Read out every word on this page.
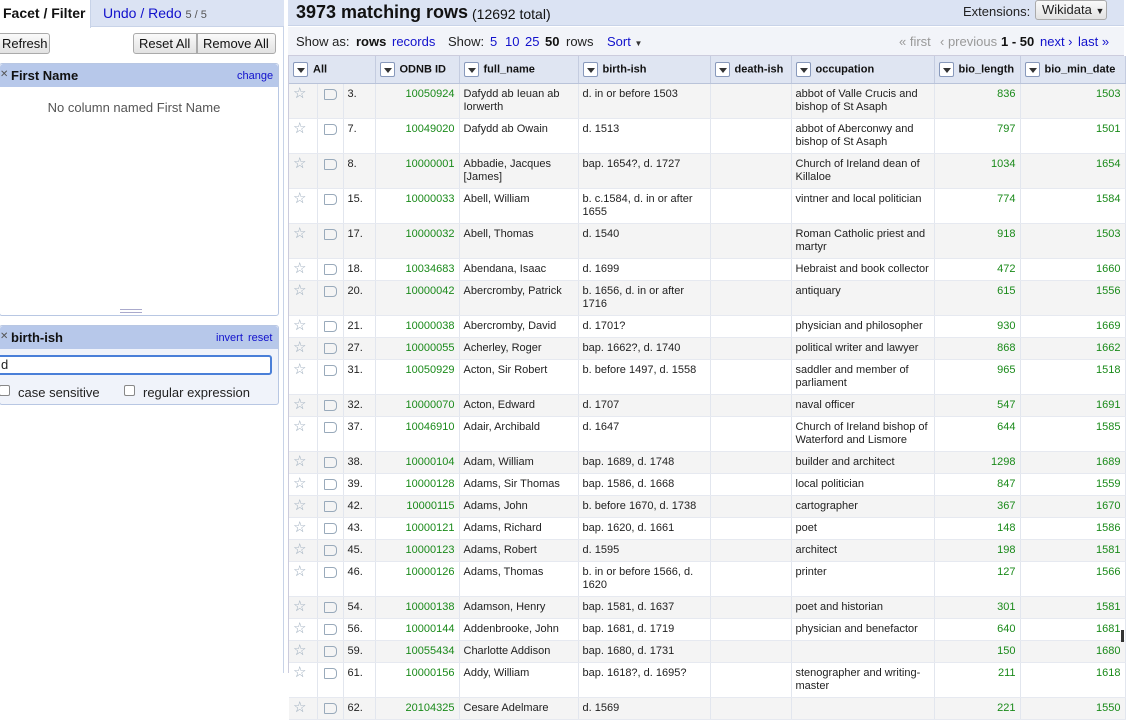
Facet / Filter	Undo / Redo 5 / 5
Refresh	Reset All Remove All
✕ First Name	change
No column named First Name
✕ birth-ish	invert reset
d
case sensitive	regular expression
3973 matching rows (12692 total)	Extensions: Wikidata ▼
Show as: rows records Show: 5 10 25 50 rows Sort ▼	« first ‹ previous 1 - 50 next › last »
All			ODNB ID	full_name	birth-ish	death-ish	occupation	bio_length	bio_min_date
☆		3.	10050924	Dafydd ab Ieuan ab Iorwerth	d. in or before 1503		abbot of Valle Crucis and bishop of St Asaph	836	1503
☆		7.	10049020	Dafydd ab Owain	d. 1513		abbot of Aberconwy and bishop of St Asaph	797	1501
☆		8.	10000001	Abbadie, Jacques [James]	bap. 1654?, d. 1727		Church of Ireland dean of Killaloe	1034	1654
☆		15.	10000033	Abell, William	b. c.1584, d. in or after 1655		vintner and local politician	774	1584
☆		17.	10000032	Abell, Thomas	d. 1540		Roman Catholic priest and martyr	918	1503
☆		18.	10034683	Abendana, Isaac	d. 1699		Hebraist and book collector	472	1660
☆		20.	10000042	Abercromby, Patrick	b. 1656, d. in or after 1716		antiquary	615	1556
☆		21.	10000038	Abercromby, David	d. 1701?		physician and philosopher	930	1669
☆		27.	10000055	Acherley, Roger	bap. 1662?, d. 1740		political writer and lawyer	868	1662
☆		31.	10050929	Acton, Sir Robert	b. before 1497, d. 1558		saddler and member of parliament	965	1518
☆		32.	10000070	Acton, Edward	d. 1707		naval officer	547	1691
☆		37.	10046910	Adair, Archibald	d. 1647		Church of Ireland bishop of Waterford and Lismore	644	1585
☆		38.	10000104	Adam, William	bap. 1689, d. 1748		builder and architect	1298	1689
☆		39.	10000128	Adams, Sir Thomas	bap. 1586, d. 1668		local politician	847	1559
☆		42.	10000115	Adams, John	b. before 1670, d. 1738		cartographer	367	1670
☆		43.	10000121	Adams, Richard	bap. 1620, d. 1661		poet	148	1586
☆		45.	10000123	Adams, Robert	d. 1595		architect	198	1581
☆		46.	10000126	Adams, Thomas	b. in or before 1566, d. 1620		printer	127	1566
☆		54.	10000138	Adamson, Henry	bap. 1581, d. 1637		poet and historian	301	1581
☆		56.	10000144	Addenbrooke, John	bap. 1681, d. 1719		physician and benefactor	640	1681
☆		59.	10055434	Charlotte Addison	bap. 1680, d. 1731			150	1680
☆		61.	10000156	Addy, William	bap. 1618?, d. 1695?		stenographer and writing-master	211	1618
☆		62.	20104325	Cesare Adelmare	d. 1569			221	1550
